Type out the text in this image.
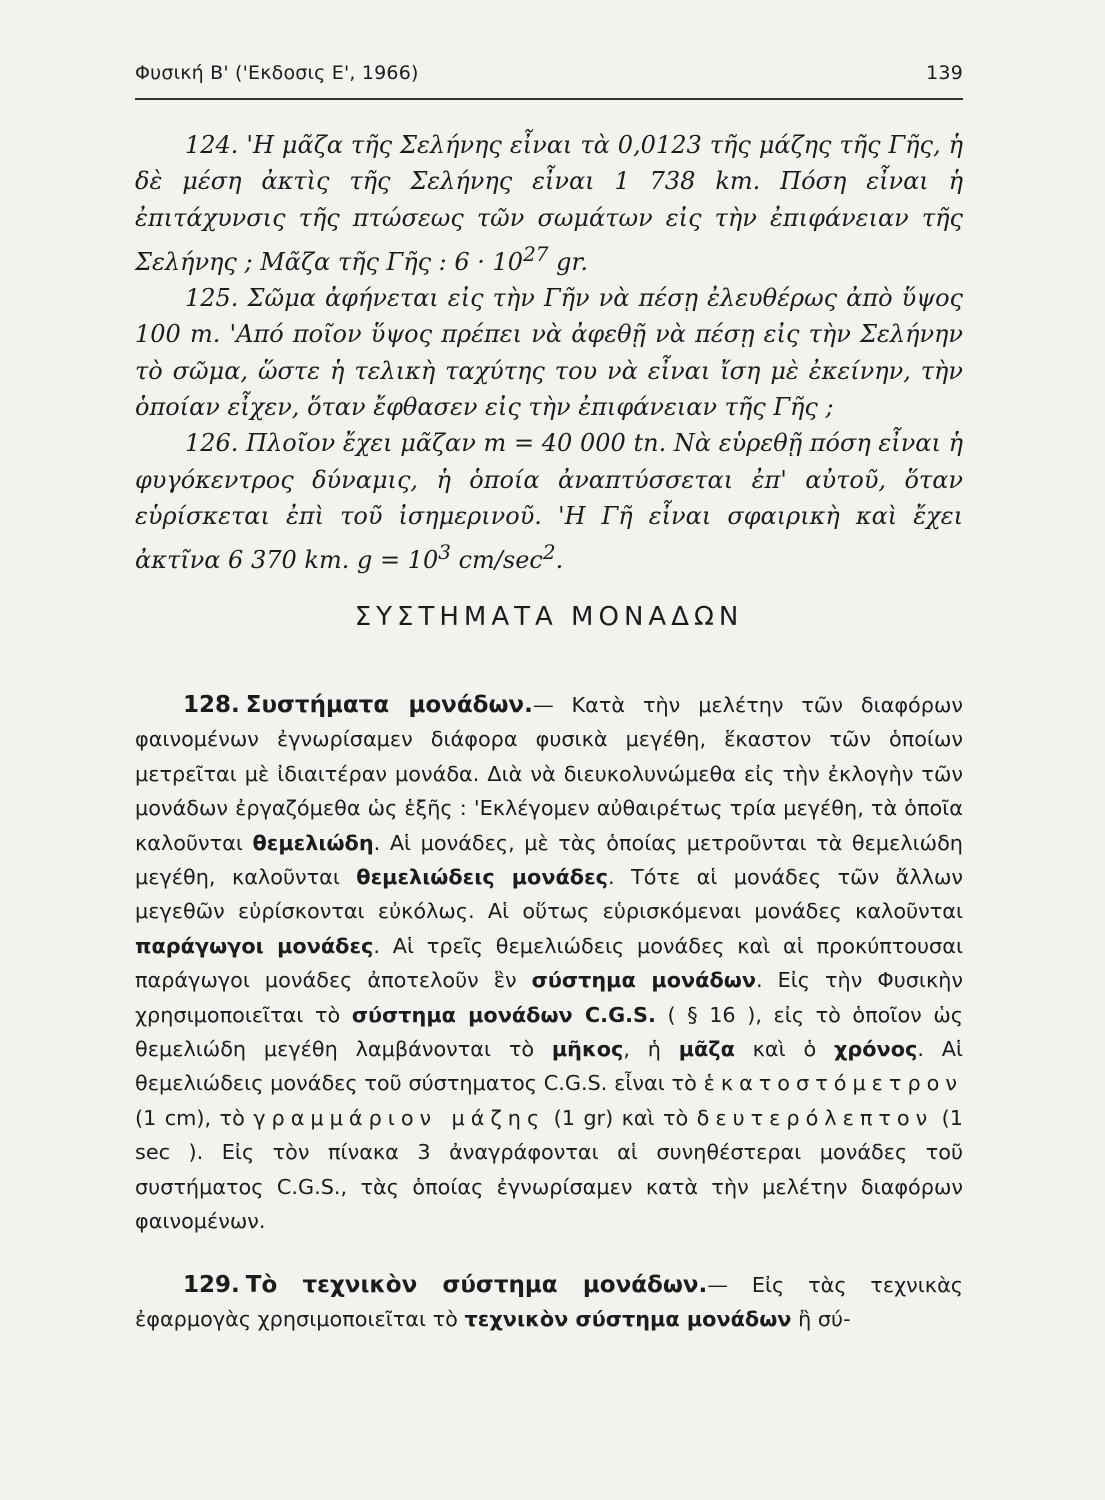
Φυσική Β' ('Εκδοσις Ε', 1966)	139

124. 'Η μᾶζα τῆς Σελήνης εἶναι τὰ 0,0123 τῆς μάζης τῆς Γῆς, ἡ δὲ μέση ἀκτὶς τῆς Σελήνης εἶναι 1 738 km. Πόση εἶναι ἡ ἐπιτάχυνσις τῆς πτώσεως τῶν σωμάτων εἰς τὴν ἐπιφάνειαν τῆς Σελήνης ; Μᾶζα τῆς Γῆς : $6 \cdot 10^{27}$ gr.

125. Σῶμα ἀφήνεται εἰς τὴν Γῆν νὰ πέσῃ ἐλευθέρως ἀπὸ ὕψος 100 m. 'Από ποῖον ὕψος πρέπει νὰ ἀφεθῇ νὰ πέσῃ εἰς τὴν Σελήνην τὸ σῶμα, ὥστε ἡ τελικὴ ταχύτης του νὰ εἶναι ἴση μὲ ἐκείνην, τὴν ὁποίαν εἶχεν, ὅταν ἔφθασεν εἰς τὴν ἐπιφάνειαν τῆς Γῆς ;

126. Πλοῖον ἔχει μᾶζαν m = 40 000 tn. Νὰ εὑρεθῇ πόση εἶναι ἡ φυγόκεντρος δύναμις, ἡ ὁποία ἀναπτύσσεται ἐπ' αὐτοῦ, ὅταν εὑρίσκεται ἐπὶ τοῦ ἰσημερινοῦ. 'Η Γῆ εἶναι σφαιρικὴ καὶ ἔχει ἀκτῖνα 6 370 km. $g = 10^3$ $cm/\sec^2$.

ΣΥΣΤΗΜΑΤΑ ΜΟΝΑΔΩΝ

128. Συστήματα μονάδων.— Κατὰ τὴν μελέτην τῶν διαφόρων φαινομένων ἐγνωρίσαμεν διάφορα φυσικὰ μεγέθη, ἕκαστον τῶν ὁποίων μετρεῖται μὲ ἰδιαιτέραν μονάδα. Διὰ νὰ διευκολυνώμεθα εἰς τὴν ἐκλογὴν τῶν μονάδων ἐργαζόμεθα ὡς ἑξῆς : 'Εκλέγομεν αὐθαιρέτως τρία μεγέθη, τὰ ὁποῖα καλοῦνται θεμελιώδη. Αἱ μονάδες, μὲ τὰς ὁποίας μετροῦνται τὰ θεμελιώδη μεγέθη, καλοῦνται θεμελιώδεις μονάδες. Τότε αἱ μονάδες τῶν ἄλλων μεγεθῶν εὑρίσκονται εὐκόλως. Αἱ οὕτως εὑρισκόμεναι μονάδες καλοῦνται παράγωγοι μονάδες. Αἱ τρεῖς θεμελιώδεις μονάδες καὶ αἱ προκύπτουσαι παράγωγοι μονάδες ἀποτελοῦν ἓν σύστημα μονάδων. Εἰς τὴν Φυσικὴν χρησιμοποιεῖται τὸ σύστημα μονάδων C.G.S. ( § 16 ), εἰς τὸ ὁποῖον ὡς θεμελιώδη μεγέθη λαμβάνονται τὸ μῆκος, ἡ μᾶζα καὶ ὁ χρόνος. Αἱ θεμελιώδεις μονάδες τοῦ σύστηματος C.G.S. εἶναι τὸ ἑκατοστόμετρον (1 cm), τὸ γραμμάριον μάζης (1 gr) καὶ τὸ δευτερόλεπτον (1 sec ). Εἰς τὸν πίνακα 3 ἀναγράφονται αἱ συνηθέστεραι μονάδες τοῦ συστήματος C.G.S., τὰς ὁποίας ἐγνωρίσαμεν κατὰ τὴν μελέτην διαφόρων φαινομένων.

129. Τὸ τεχνικὸν σύστημα μονάδων.— Εἰς τὰς τεχνικὰς ἐφαρμογὰς χρησιμοποιεῖται τὸ τεχνικὸν σύστημα μονάδων ἢ σύ-
